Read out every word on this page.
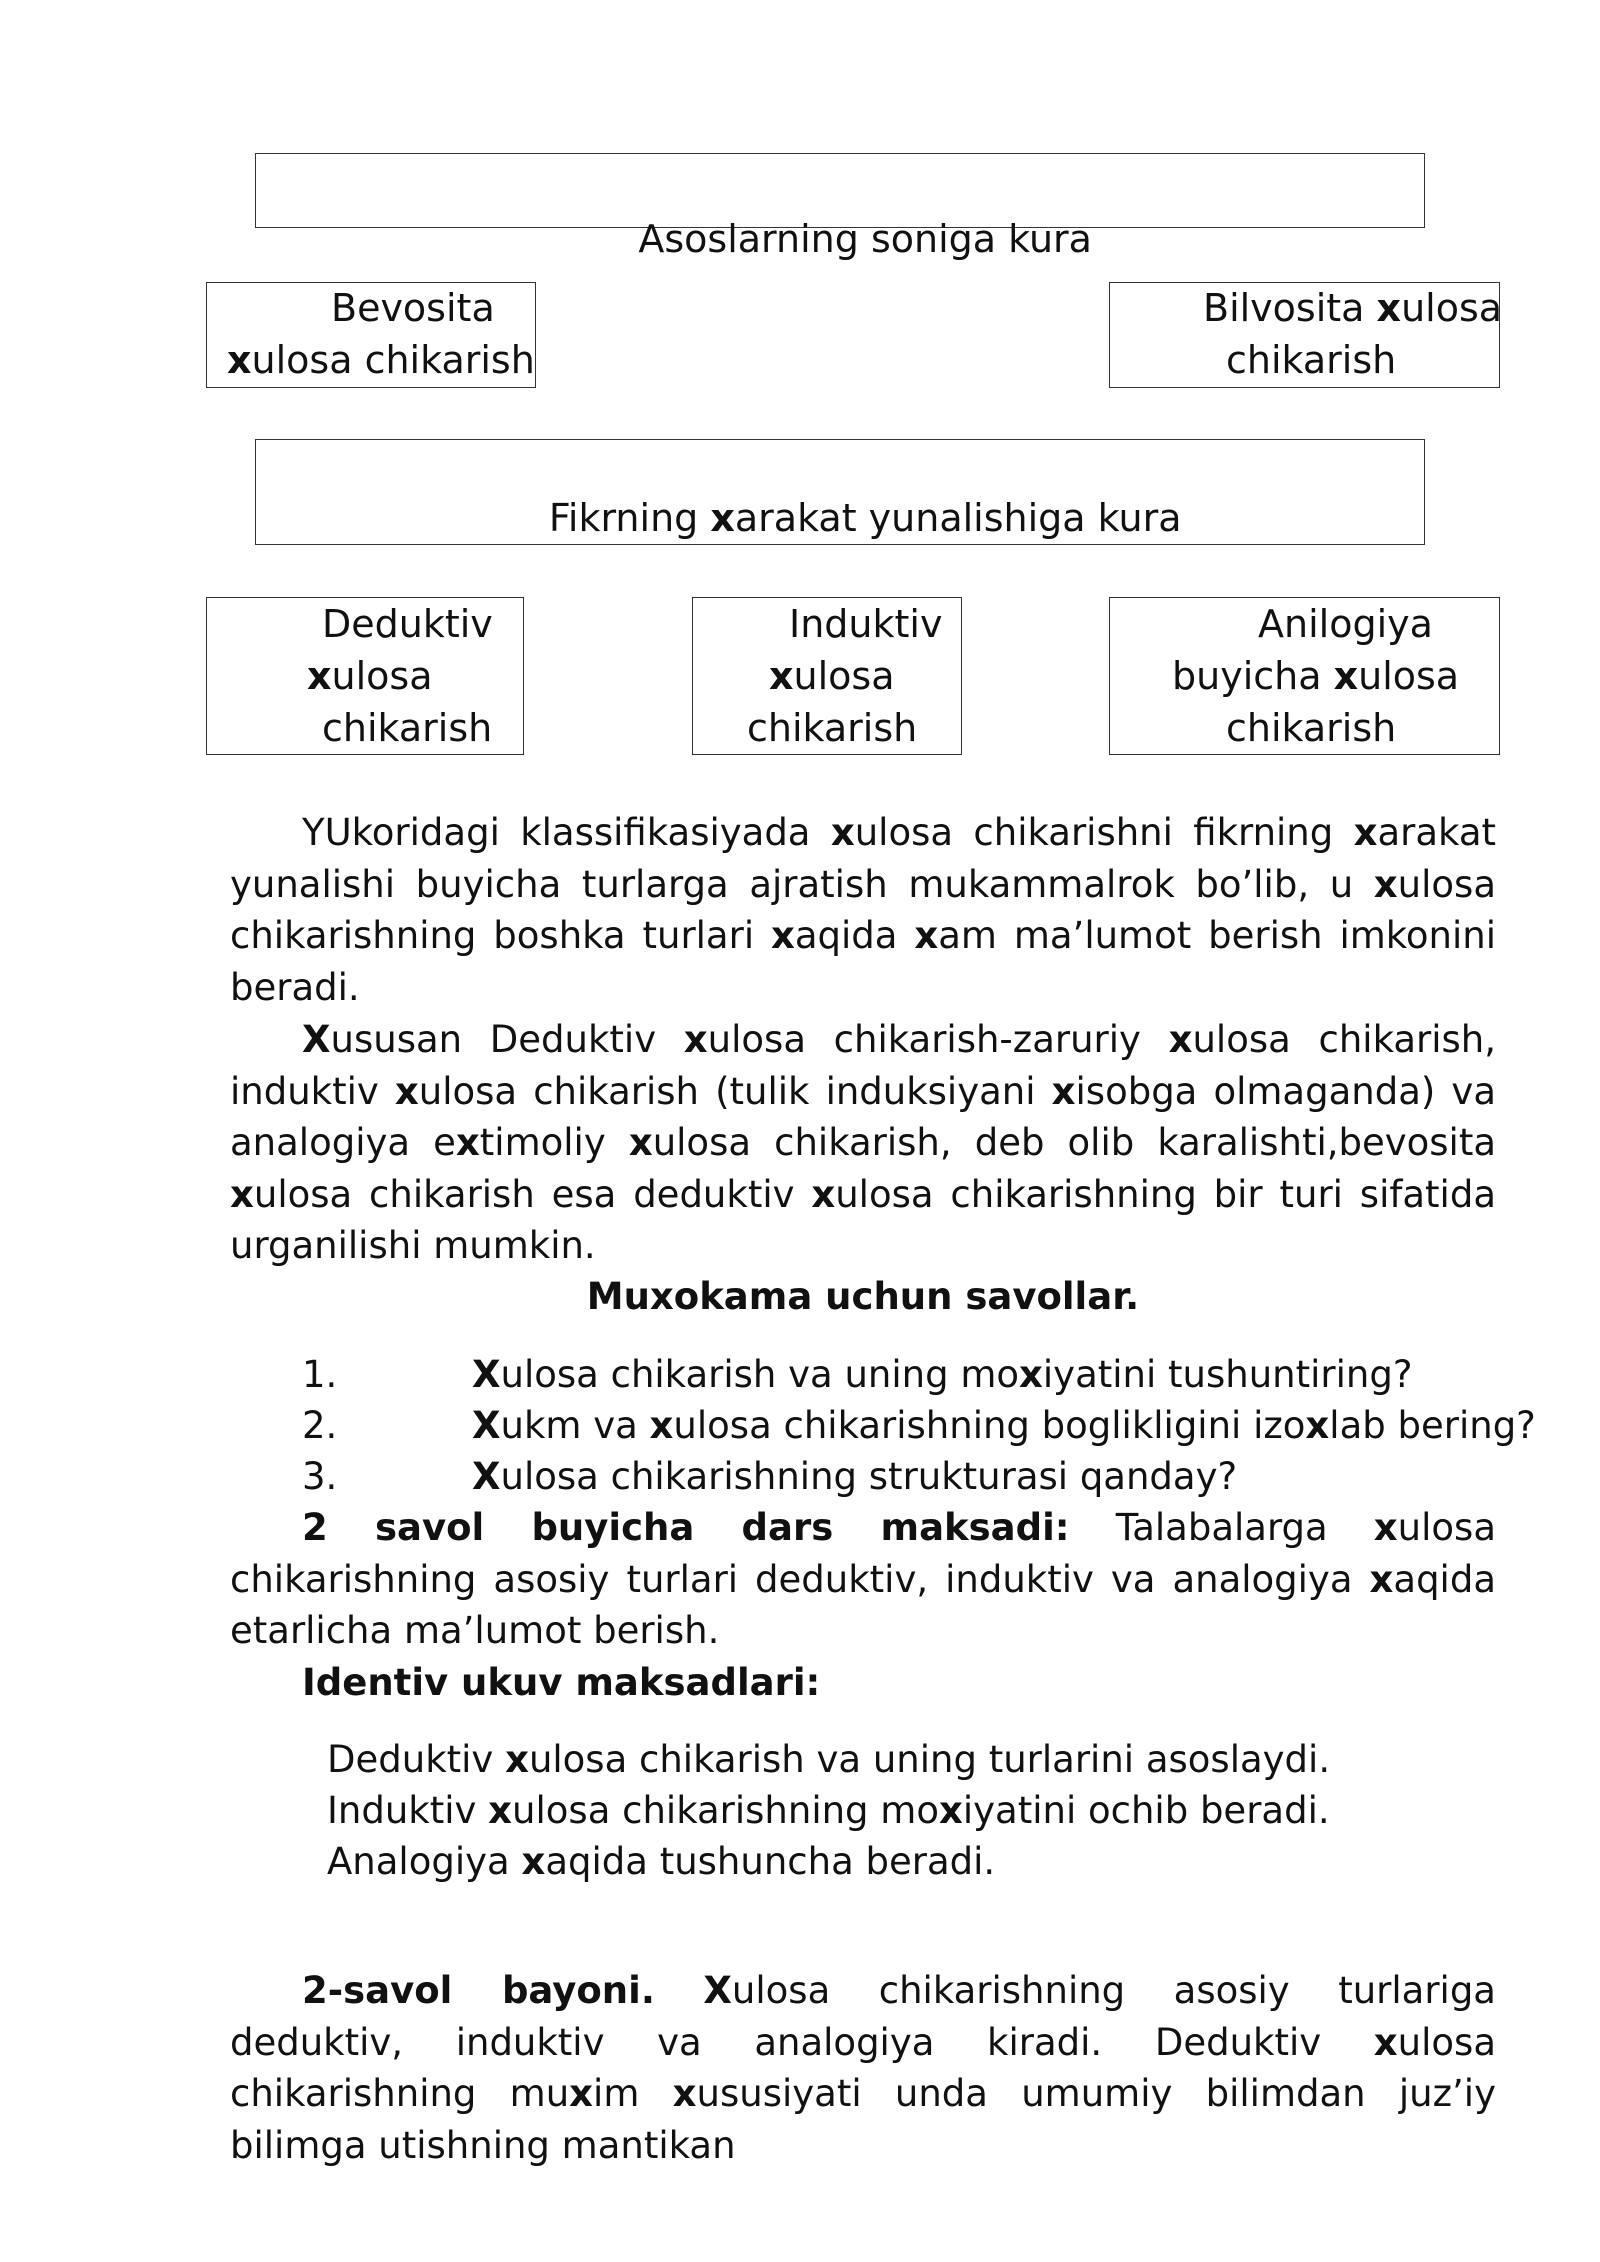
Asoslarning soniga kura

Bevosita
xulosa chikarish
Bilvosita xulosa
chikarish

Fikrning xarakat yunalishiga kura

Deduktiv
xulosa
chikarish
Induktiv
xulosa
chikarish
Anilogiya
buyicha xulosa
chikarish

YUkoridagi klassifikasiyada xulosa chikarishni fikrning xarakat yunalishi buyicha turlarga ajratish mukammalrok bo’lib, u xulosa chikarishning boshka turlari xaqida xam ma’lumot berish imkonini beradi.

Xususan Deduktiv xulosa chikarish-zaruriy xulosa chikarish, induktiv xulosa chikarish (tulik induksiyani xisobga olmaganda) va analogiya extimoliy xulosa chikarish, deb olib karalishti,bevosita xulosa chikarish esa deduktiv xulosa chikarishning bir turi sifatida urganilishi mumkin.

Muxokama uchun savollar.
1.	Xulosa chikarish va uning moxiyatini tushuntiring?
2.	Xukm va xulosa chikarishning boglikligini izoxlab bering?
3.	Xulosa chikarishning strukturasi qanday?

2 savol buyicha dars maksadi: Talabalarga xulosa chikarishning asosiy turlari deduktiv, induktiv va analogiya xaqida etarlicha ma’lumot berish.

Identiv ukuv maksadlari:
Deduktiv xulosa chikarish va uning turlarini asoslaydi.
Induktiv xulosa chikarishning moxiyatini ochib beradi.
Analogiya xaqida tushuncha beradi.

2-savol bayoni. Xulosa chikarishning asosiy turlariga deduktiv, induktiv va analogiya kiradi. Deduktiv xulosa chikarishning muxim xususiyati unda umumiy bilimdan juz’iy bilimga utishning mantikan
